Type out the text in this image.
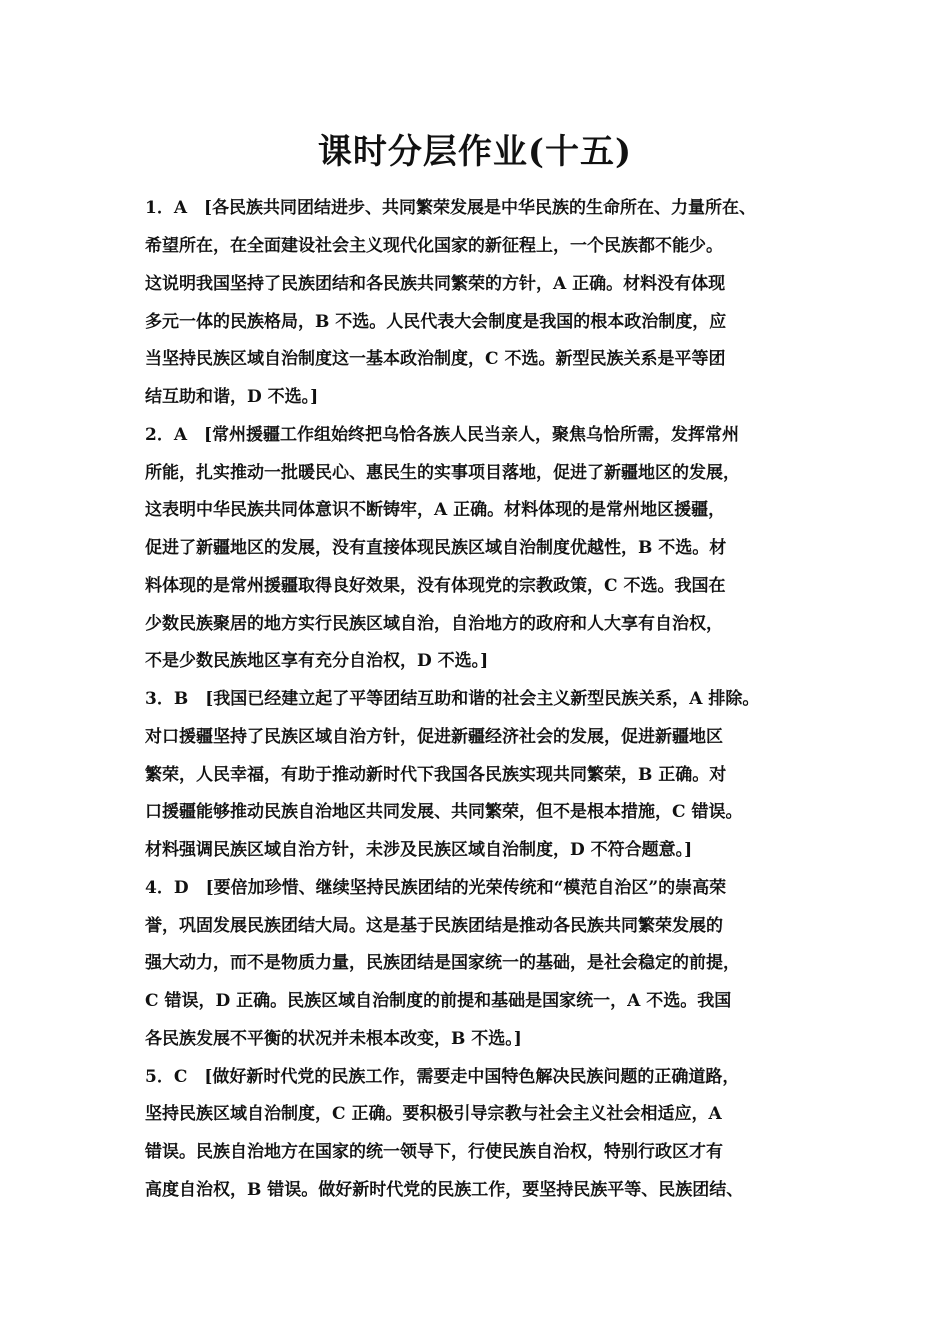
课时分层作业(十五)
1．A　[各民族共同团结进步、共同繁荣发展是中华民族的生命所在、力量所在、
希望所在，在全面建设社会主义现代化国家的新征程上，一个民族都不能少。
这说明我国坚持了民族团结和各民族共同繁荣的方针，A 正确。材料没有体现
多元一体的民族格局，B 不选。人民代表大会制度是我国的根本政治制度，应
当坚持民族区域自治制度这一基本政治制度，C 不选。新型民族关系是平等团
结互助和谐，D 不选。]
2．A　[常州援疆工作组始终把乌恰各族人民当亲人，聚焦乌恰所需，发挥常州
所能，扎实推动一批暖民心、惠民生的实事项目落地，促进了新疆地区的发展，
这表明中华民族共同体意识不断铸牢，A 正确。材料体现的是常州地区援疆，
促进了新疆地区的发展，没有直接体现民族区域自治制度优越性，B 不选。材
料体现的是常州援疆取得良好效果，没有体现党的宗教政策，C 不选。我国在
少数民族聚居的地方实行民族区域自治，自治地方的政府和人大享有自治权，
不是少数民族地区享有充分自治权，D 不选。]
3．B　[我国已经建立起了平等团结互助和谐的社会主义新型民族关系，A 排除。
对口援疆坚持了民族区域自治方针，促进新疆经济社会的发展，促进新疆地区
繁荣，人民幸福，有助于推动新时代下我国各民族实现共同繁荣，B 正确。对
口援疆能够推动民族自治地区共同发展、共同繁荣，但不是根本措施，C 错误。
材料强调民族区域自治方针，未涉及民族区域自治制度，D 不符合题意。]
4．D　[要倍加珍惜、继续坚持民族团结的光荣传统和“模范自治区”的崇高荣
誉，巩固发展民族团结大局。这是基于民族团结是推动各民族共同繁荣发展的
强大动力，而不是物质力量，民族团结是国家统一的基础，是社会稳定的前提，
C 错误，D 正确。民族区域自治制度的前提和基础是国家统一，A 不选。我国
各民族发展不平衡的状况并未根本改变，B 不选。]
5．C　[做好新时代党的民族工作，需要走中国特色解决民族问题的正确道路，
坚持民族区域自治制度，C 正确。要积极引导宗教与社会主义社会相适应，A
错误。民族自治地方在国家的统一领导下，行使民族自治权，特别行政区才有
高度自治权，B 错误。做好新时代党的民族工作，要坚持民族平等、民族团结、
